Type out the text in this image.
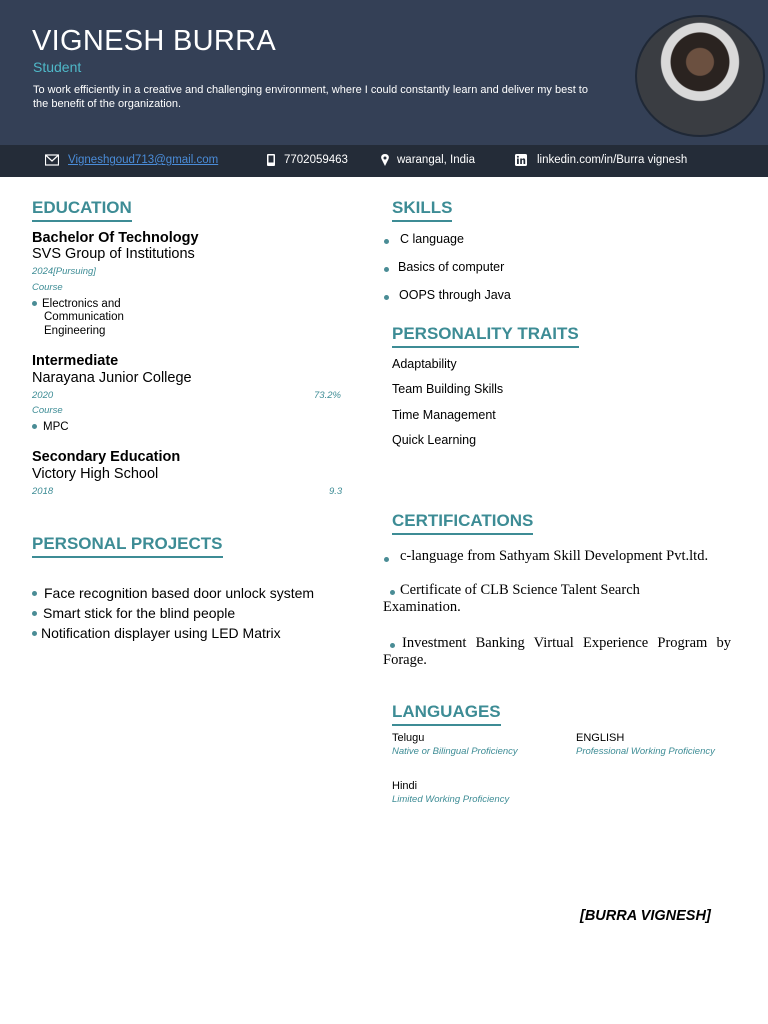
VIGNESH BURRA
Student
To work efficiently in a creative and challenging environment, where I could constantly learn and deliver my best to the benefit of the organization.
Vigneshgoud713@gmail.com	7702059463	warangal, India	linkedin.com/in/Burra vignesh
EDUCATION
Bachelor Of Technology
SVS Group of Institutions
2024[Pursuing]
Course
Electronics and
Communication
Engineering
Intermediate
Narayana Junior College
2020	73.2%
Course
MPC
Secondary Education
Victory High School
2018	9.3
PERSONAL PROJECTS
Face recognition based door unlock system
Smart stick for the blind people
Notification displayer using LED Matrix
SKILLS
C language
Basics of computer
OOPS through Java
PERSONALITY TRAITS
Adaptability
Team Building Skills
Time Management
Quick Learning
CERTIFICATIONS
c-language from Sathyam Skill Development Pvt.ltd.
Certificate of CLB Science Talent Search Examination.
Investment Banking Virtual Experience Program by Forage.
LANGUAGES
Telugu
Native or Bilingual Proficiency
ENGLISH
Professional Working Proficiency
Hindi
Limited Working Proficiency
[BURRA VIGNESH]
